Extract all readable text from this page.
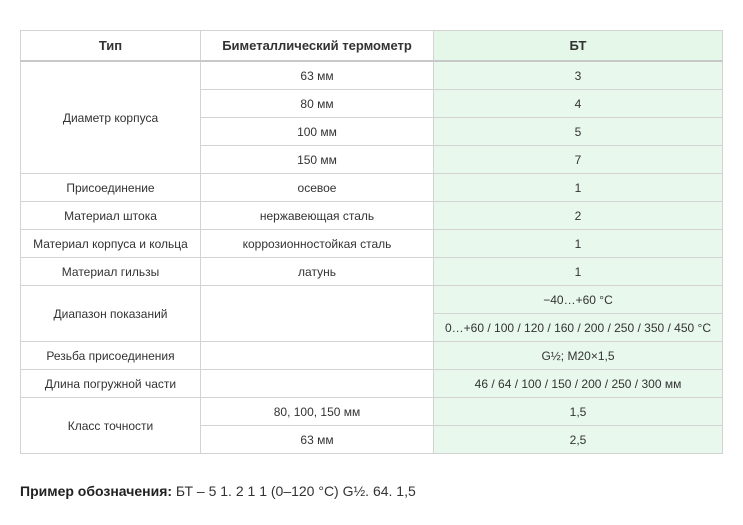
Тип	Биметаллический термометр	БТ
Диаметр корпуса	63 мм	3
	80 мм	4
	100 мм	5
	150 мм	7
Присоединение	осевое	1
Материал штока	нержавеющая сталь	2
Материал корпуса и кольца	коррозионностойкая сталь	1
Материал гильзы	латунь	1
Диапазон показаний		−40…+60 °С
		0…+60 / 100 / 120 / 160 / 200 / 250 / 350 / 450 °С
Резьба присоединения		G½; М20×1,5
Длина погружной части		46 / 64 / 100 / 150 / 200 / 250 / 300 мм
Класс точности	80, 100, 150 мм	1,5
	63 мм	2,5
Пример обозначения: БТ – 5 1. 2 1 1 (0–120 °С) G½. 64. 1,5
